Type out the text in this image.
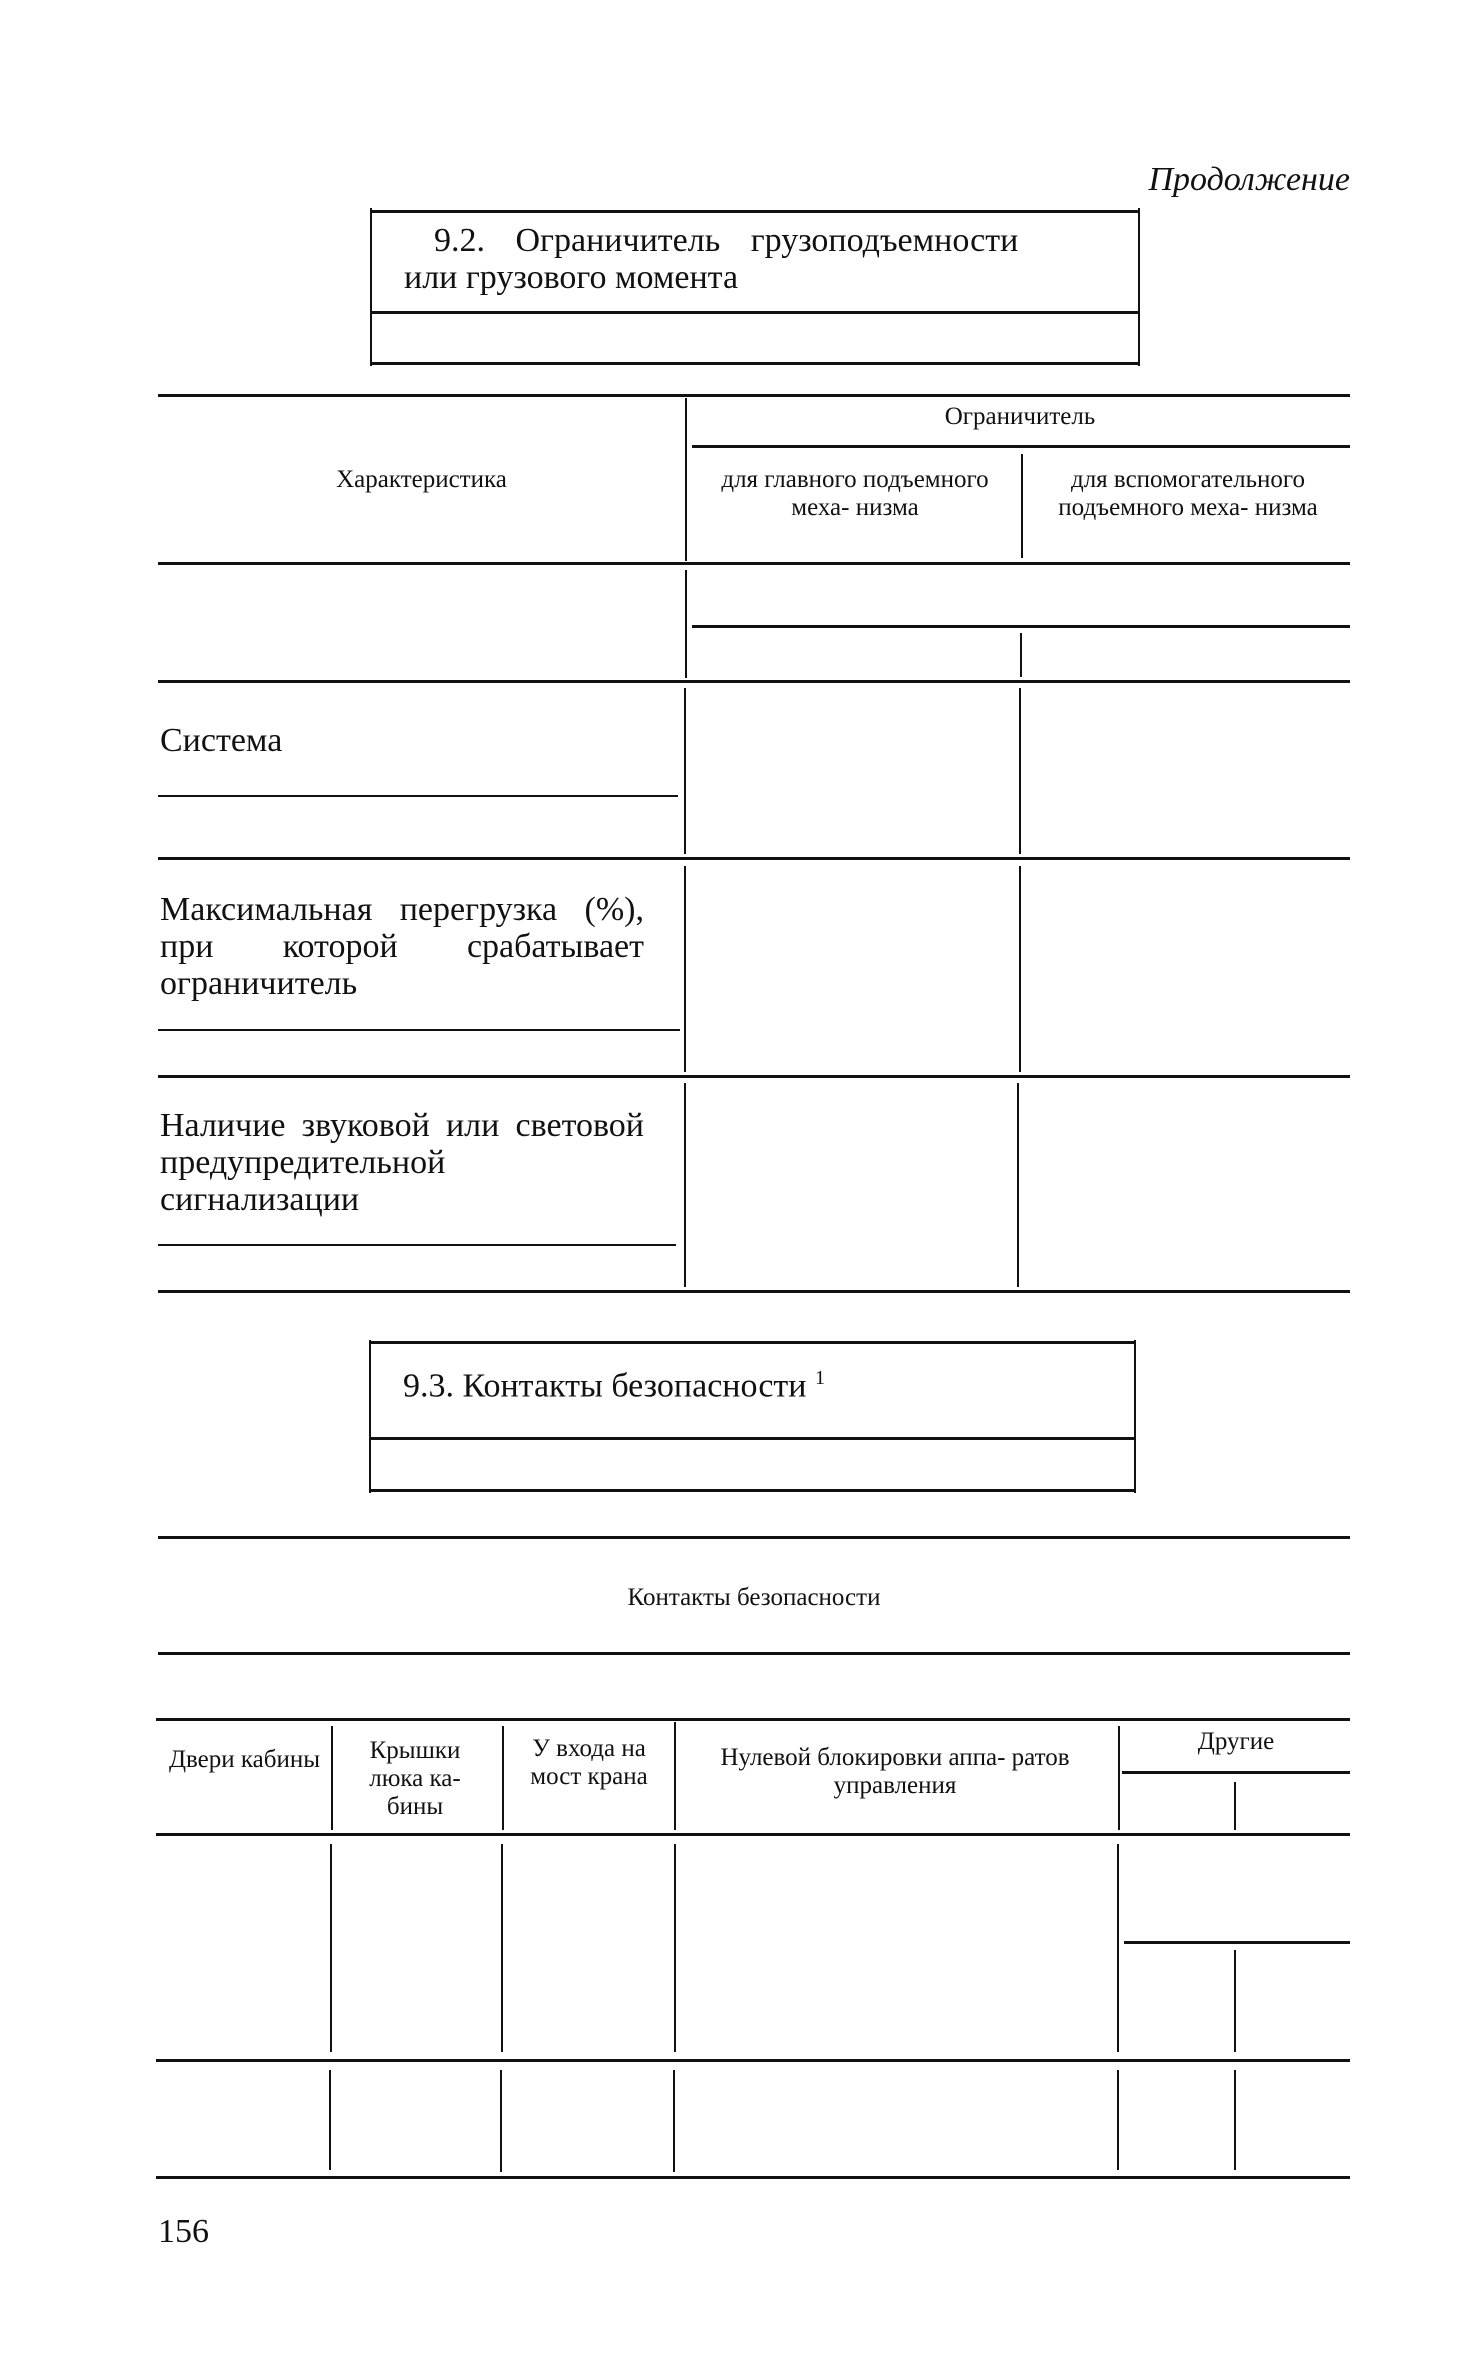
Продолжение
9.2. Ограничитель грузоподъемности
или грузового момента
Характеристика
Ограничитель
для главного подъемного меха- низма
для вспомогательного подъемного меха- низма
Система
Максимальная перегрузка (%), при которой срабатывает ограничитель
Наличие звуковой или световой предупредительной сигнализации
9.3. Контакты безопасности $^1$
Контакты безопасности
Двери кабины	Крышки люка ка- бины
У входа на мост крана
Нулевой блокировки аппа- ратов управления
Другие
156
